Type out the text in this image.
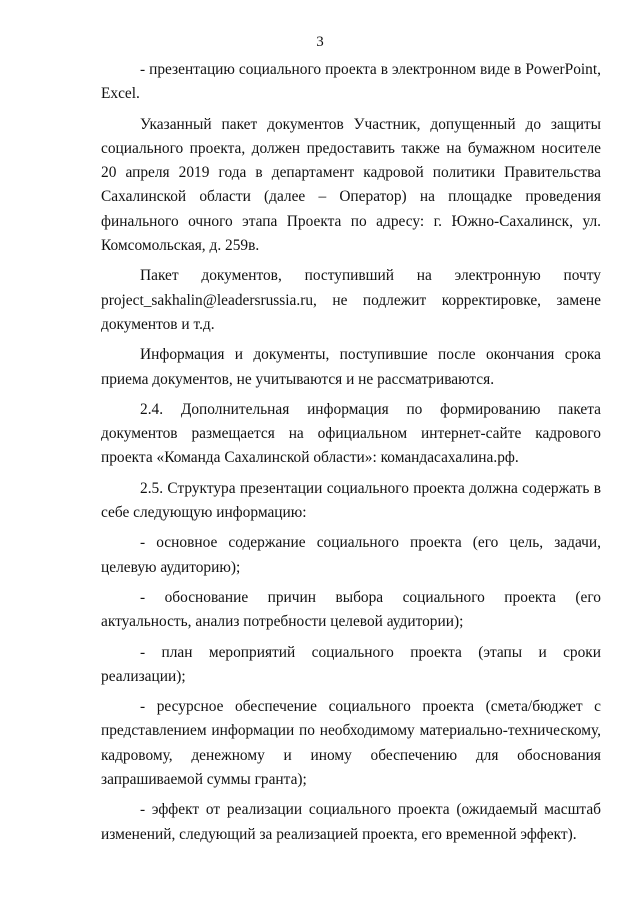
3

- презентацию социального проекта в электронном виде в PowerPoint, Excel.

Указанный пакет документов Участник, допущенный до защиты социального проекта, должен предоставить также на бумажном носителе 20 апреля 2019 года в департамент кадровой политики Правительства Сахалинской области (далее – Оператор) на площадке проведения финального очного этапа Проекта по адресу: г. Южно-Сахалинск, ул. Комсомольская, д. 259в.

Пакет документов, поступивший на электронную почту project_sakhalin@leadersrussia.ru, не подлежит корректировке, замене документов и т.д.

Информация и документы, поступившие после окончания срока приема документов, не учитываются и не рассматриваются.

2.4. Дополнительная информация по формированию пакета документов размещается на официальном интернет-сайте кадрового проекта «Команда Сахалинской области»: командасахалина.рф.

2.5. Структура презентации социального проекта должна содержать в себе следующую информацию:

- основное содержание социального проекта (его цель, задачи, целевую аудиторию);

- обоснование причин выбора социального проекта (его актуальность, анализ потребности целевой аудитории);

- план мероприятий социального проекта (этапы и сроки реализации);

- ресурсное обеспечение социального проекта (смета/бюджет с представлением информации по необходимому материально-техническому, кадровому, денежному и иному обеспечению для обоснования запрашиваемой суммы гранта);

- эффект от реализации социального проекта (ожидаемый масштаб изменений, следующий за реализацией проекта, его временной эффект).
